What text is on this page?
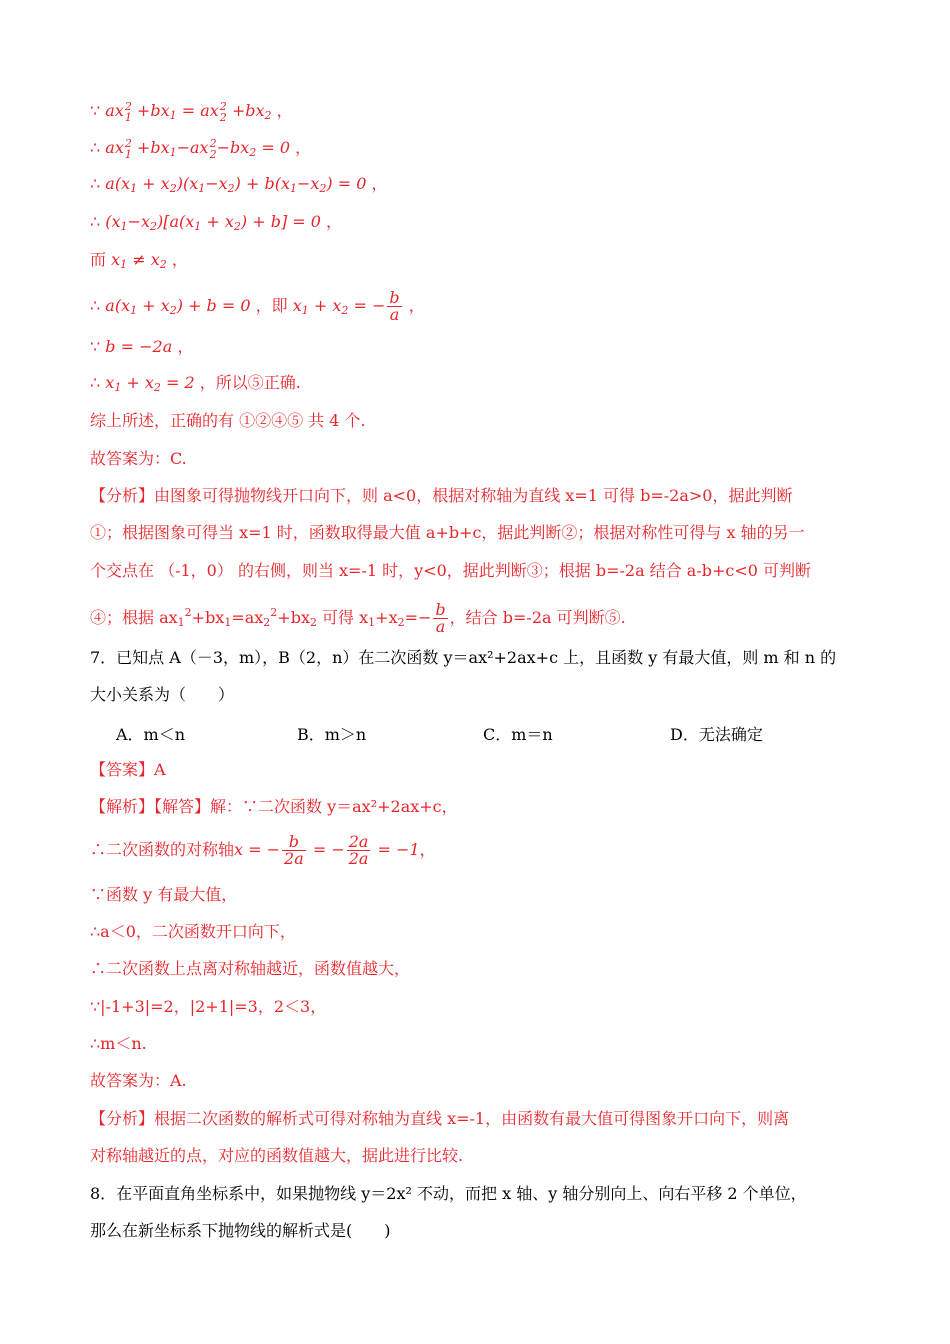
∵ ax 2
$1 +bx_1$ = ax 2
$2 +bx_2$ ，
∴ ax 2
$1 +bx_1-ax$ 2
$2 -bx_2 = 0$ ，
∴ $a(x_1 + x_2)(x_1-x_2) + b(x_1-x_2) = 0$ ，
∴ $(x_1-x_2)[a(x_1 + x_2) + b] = 0$ ，
而 $x_1 \ne x_2$ ，
∴ $a(x_1 + x_2) + b = 0$ ，即 $x_1 + x_2$ = − $\frac{b}{a}$ ，
∵ b = −2a ，
∴ $x_1 + x_2 = 2$ ，所以⑤正确.
综上所述，正确的有 ①②④⑤ 共 4 个.
故答案为：C.
【分析】由图象可得抛物线开口向下，则 a<0，根据对称轴为直线 x=1 可得 b=-2a>0，据此判断
①；根据图象可得当 x=1 时，函数取得最大值 a+b+c，据此判断②；根据对称性可得与 x 轴的另一
个交点在 （-1，0） 的右侧，则当 x=-1 时，y<0，据此判断③；根据 b=-2a 结合 a-b+c<0 可判断
④；根据 $ax_1^2+bx_1=ax_2^2+bx_2$ 可得 $x_1+x_2=- \frac{b}{a}$ ，结合 b=-2a 可判断⑤.
7．已知点 A（－3，m），B（2，n）在二次函数 y＝ax²+2ax+c 上，且函数 y 有最大值，则 m 和 n 的
大小关系为（　　）
A．m＜n	B．m＞n	C．m＝n	D．无法确定
【答案】A
【解析】【解答】解：∵二次函数 y＝ax²+2ax+c，
∴二次函数的对称轴x = − $\frac{b}{2a}$ = − $\frac{2a}{2a} = -1$，
∵函数 y 有最大值，
∴a＜0，二次函数开口向下，
∴二次函数上点离对称轴越近，函数值越大，
∵|-1+3|=2，|2+1|=3，2＜3，
∴m＜n.
故答案为：A.
【分析】根据二次函数的解析式可得对称轴为直线 x=-1，由函数有最大值可得图象开口向下，则离
对称轴越近的点，对应的函数值越大，据此进行比较.
8．在平面直角坐标系中，如果抛物线 y＝2x² 不动，而把 x 轴、y 轴分别向上、向右平移 2 个单位，
那么在新坐标系下抛物线的解析式是(　　)
